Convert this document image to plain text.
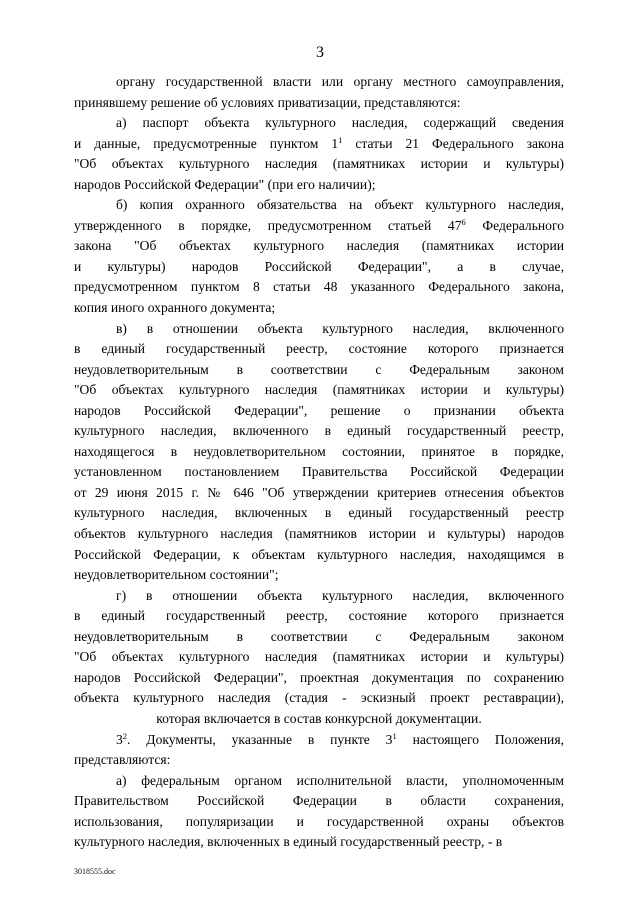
3
органу государственной власти или органу местного самоуправления,
принявшему решение об условиях приватизации, представляются:
а) паспорт объекта культурного наследия, содержащий сведения
и данные, предусмотренные пунктом $1^1$ статьи 21 Федерального закона
"Об объектах культурного наследия (памятниках истории и культуры)
народов Российской Федерации" (при его наличии);
б) копия охранного обязательства на объект культурного наследия,
утвержденного в порядке, предусмотренном статьей $47^6$ Федерального
закона "Об объектах культурного наследия (памятниках истории
и культуры) народов Российской Федерации", а в случае,
предусмотренном пунктом 8 статьи 48 указанного Федерального закона,
копия иного охранного документа;
в) в отношении объекта культурного наследия, включенного
в единый государственный реестр, состояние которого признается
неудовлетворительным в соответствии с Федеральным законом
"Об объектах культурного наследия (памятниках истории и культуры)
народов Российской Федерации", решение о признании объекта
культурного наследия, включенного в единый государственный реестр,
находящегося в неудовлетворительном состоянии, принятое в порядке,
установленном постановлением Правительства Российской Федерации
от 29 июня 2015 г. № 646 "Об утверждении критериев отнесения объектов
культурного наследия, включенных в единый государственный реестр
объектов культурного наследия (памятников истории и культуры) народов
Российской Федерации, к объектам культурного наследия, находящимся в
неудовлетворительном состоянии";
г) в отношении объекта культурного наследия, включенного
в единый государственный реестр, состояние которого признается
неудовлетворительным в соответствии с Федеральным законом
"Об объектах культурного наследия (памятниках истории и культуры)
народов Российской Федерации", проектная документация по сохранению
объекта культурного наследия (стадия - эскизный проект реставрации),
которая включается в состав конкурсной документации.
$3^2$. Документы, указанные в пункте $3^1$ настоящего Положения,
представляются:
а) федеральным органом исполнительной власти, уполномоченным
Правительством Российской Федерации в области сохранения,
использования, популяризации и государственной охраны объектов
культурного наследия, включенных в единый государственный реестр, - в
3018555.doc
